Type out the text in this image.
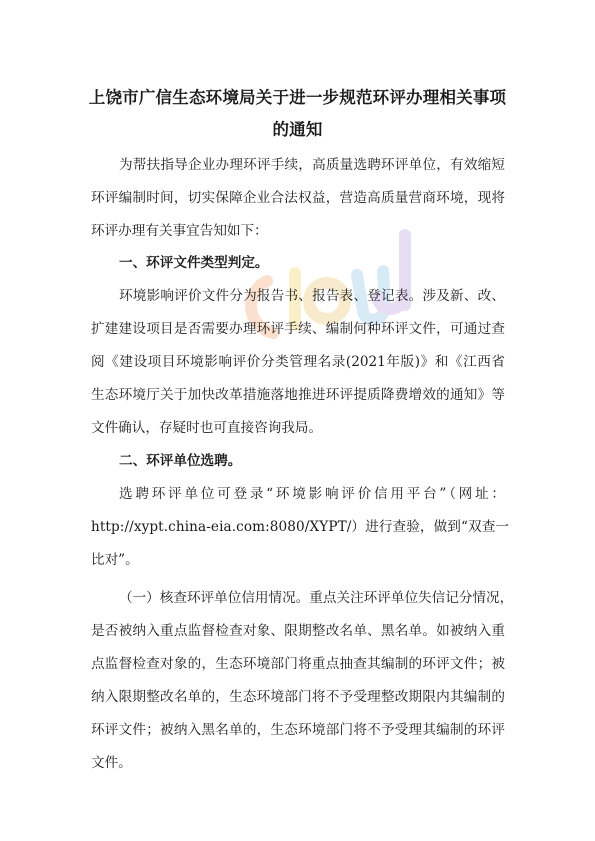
上饶市广信生态环境局关于进一步规范环评办理相关事项
的通知
为帮扶指导企业办理环评手续，高质量选聘环评单位，有效缩短
环评编制时间，切实保障企业合法权益，营造高质量营商环境，现将
环评办理有关事宜告知如下：
一、环评文件类型判定。
环境影响评价文件分为报告书、报告表、登记表。涉及新、改、
扩建建设项目是否需要办理环评手续、编制何种环评文件，可通过查
阅《建设项目环境影响评价分类管理名录(2021年版)》和《江西省
生态环境厅关于加快改革措施落地推进环评提质降费增效的通知》等
文件确认，存疑时也可直接咨询我局。
二、环评单位选聘。
选聘环评单位可登录“环境影响评价信用平台”（网址：
http://xypt.china-eia.com:8080/XYPT/）进行查验，做到“双查一
比对”。
（一）核查环评单位信用情况。重点关注环评单位失信记分情况，
是否被纳入重点监督检查对象、限期整改名单、黑名单。如被纳入重
点监督检查对象的，生态环境部门将重点抽查其编制的环评文件；被
纳入限期整改名单的，生态环境部门将不予受理整改期限内其编制的
环评文件；被纳入黑名单的，生态环境部门将不予受理其编制的环评
文件。
